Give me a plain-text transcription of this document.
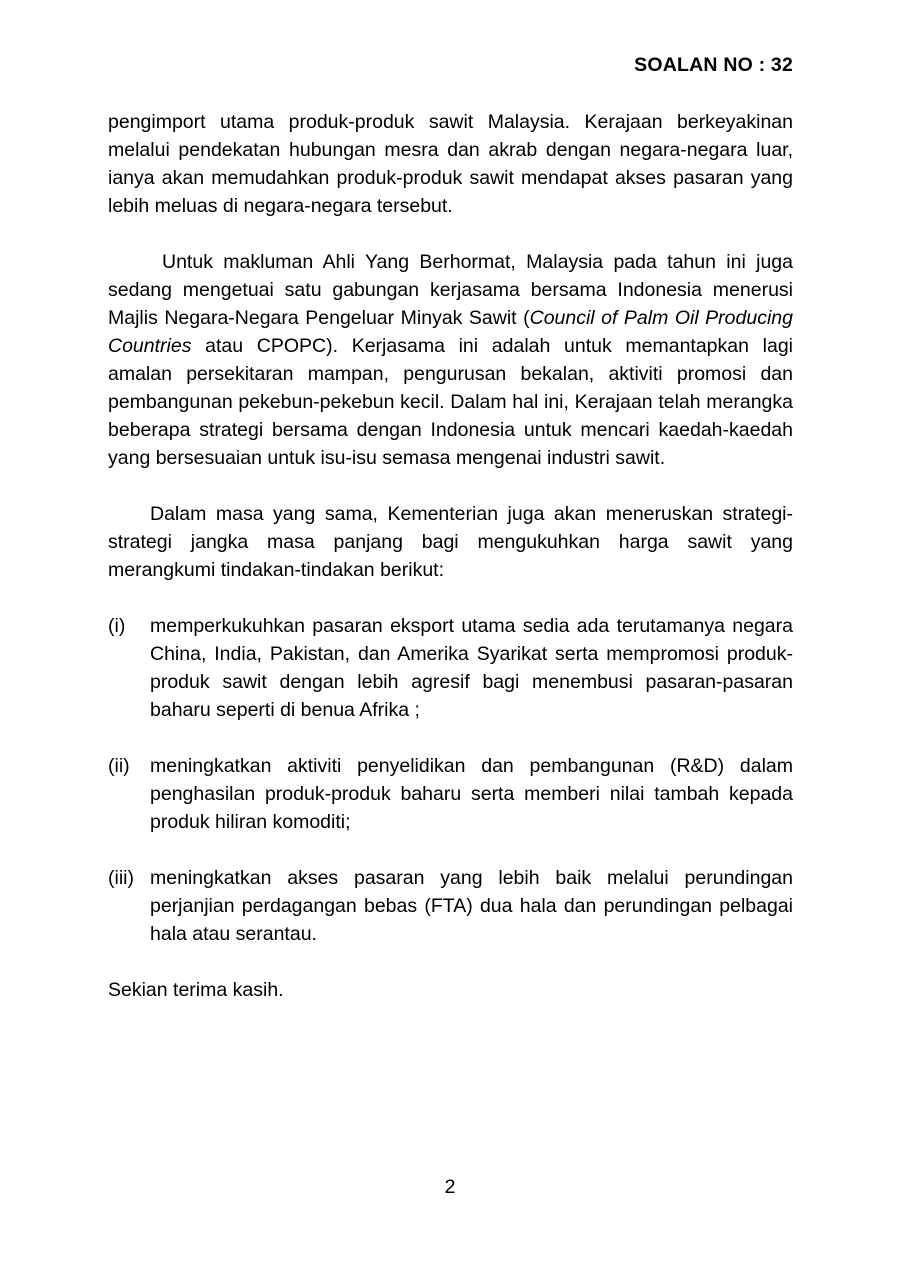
SOALAN NO : 32

pengimport utama produk-produk sawit Malaysia. Kerajaan berkeyakinan melalui pendekatan hubungan mesra dan akrab dengan negara-negara luar, ianya akan memudahkan produk-produk sawit mendapat akses pasaran yang lebih meluas di negara-negara tersebut.

Untuk makluman Ahli Yang Berhormat, Malaysia pada tahun ini juga sedang mengetuai satu gabungan kerjasama bersama Indonesia menerusi Majlis Negara-Negara Pengeluar Minyak Sawit (Council of Palm Oil Producing Countries atau CPOPC). Kerjasama ini adalah untuk memantapkan lagi amalan persekitaran mampan, pengurusan bekalan, aktiviti promosi dan pembangunan pekebun-pekebun kecil. Dalam hal ini, Kerajaan telah merangka beberapa strategi bersama dengan Indonesia untuk mencari kaedah-kaedah yang bersesuaian untuk isu-isu semasa mengenai industri sawit.

Dalam masa yang sama, Kementerian juga akan meneruskan strategi-strategi jangka masa panjang bagi mengukuhkan harga sawit yang merangkumi tindakan-tindakan berikut:

(i)	memperkukuhkan pasaran eksport utama sedia ada terutamanya negara China, India, Pakistan, dan Amerika Syarikat serta mempromosi produk-produk sawit dengan lebih agresif bagi menembusi pasaran-pasaran baharu seperti di benua Afrika ;
(ii)	meningkatkan aktiviti penyelidikan dan pembangunan (R&D) dalam penghasilan produk-produk baharu serta memberi nilai tambah kepada produk hiliran komoditi;
(iii) meningkatkan akses pasaran yang lebih baik melalui perundingan perjanjian perdagangan bebas (FTA) dua hala dan perundingan pelbagai hala atau serantau.

Sekian terima kasih.

2
